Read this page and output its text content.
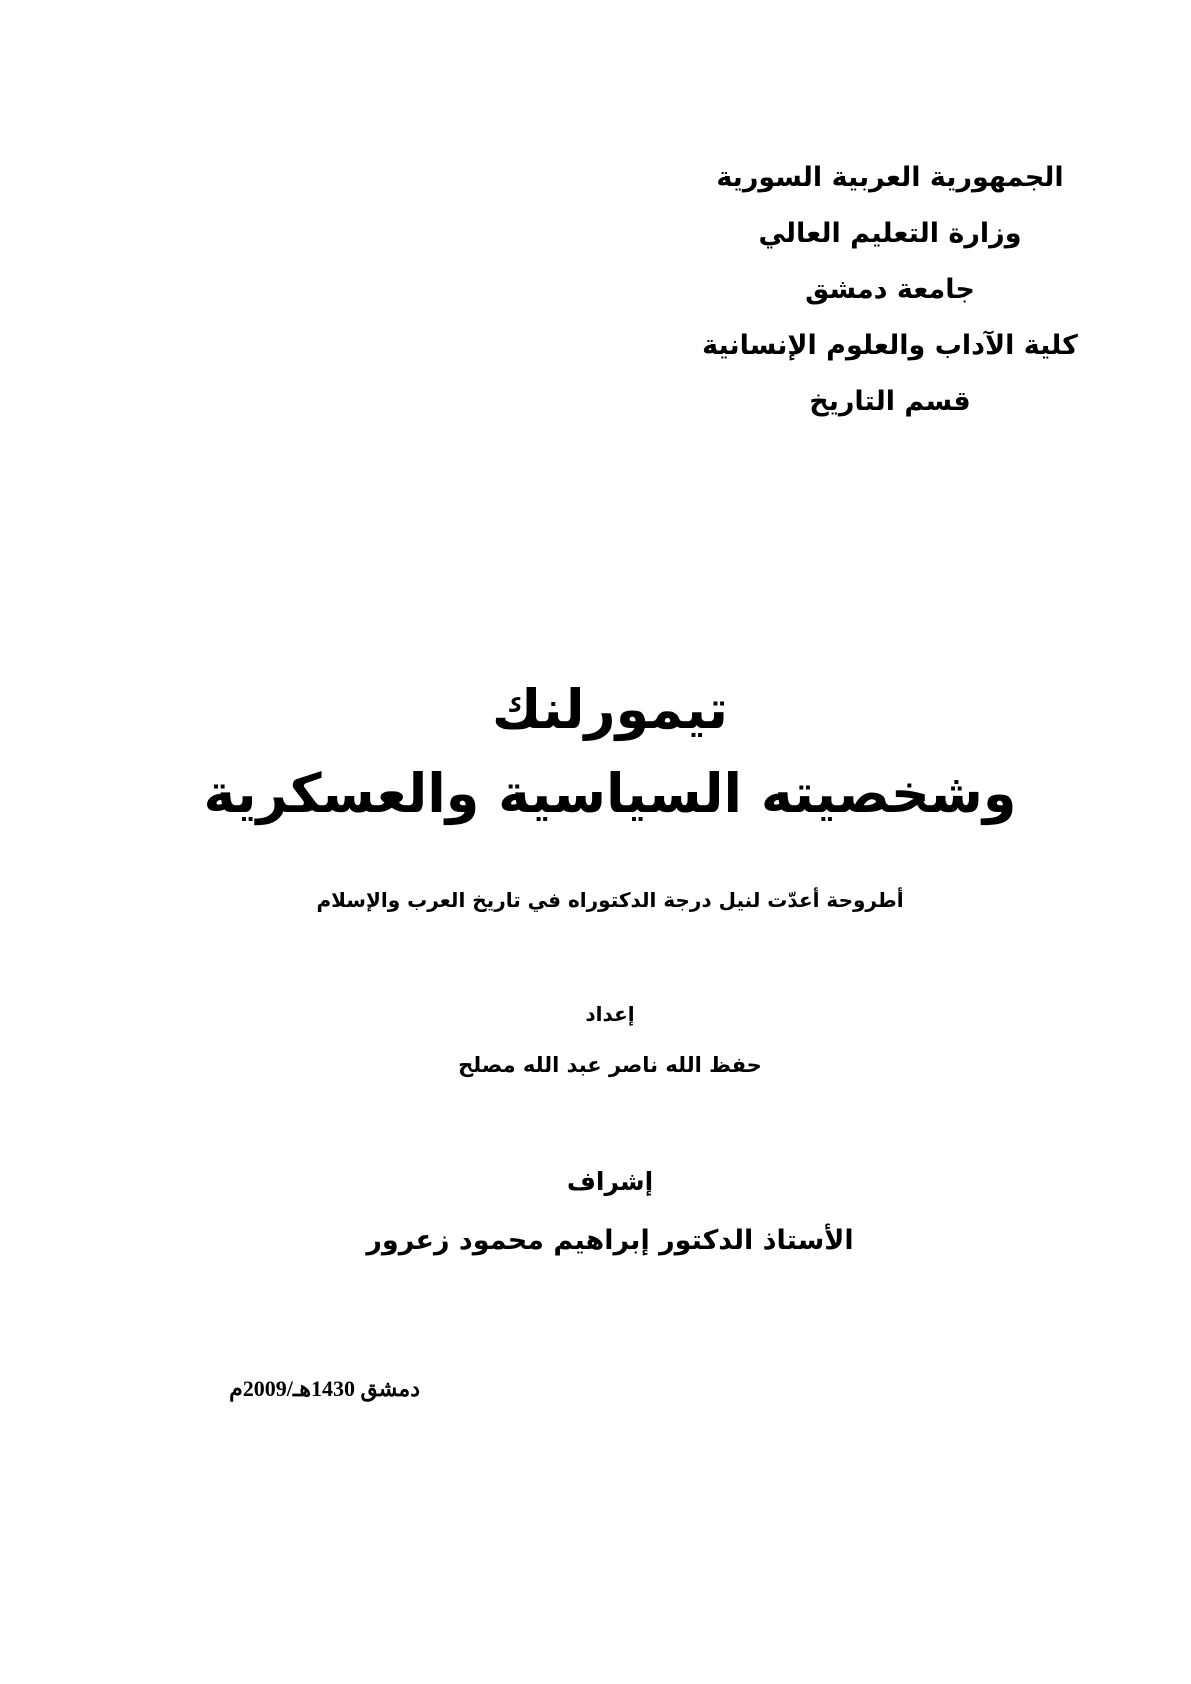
الجمهورية العربية السورية
وزارة التعليم العالي
جامعة دمشق
كلية الآداب والعلوم الإنسانية
قسم التاريخ
تيمورلنك
وشخصيته السياسية والعسكرية
أطروحة أعدّت لنيل درجة الدكتوراه في تاريخ العرب والإسلام
إعداد
حفظ الله ناصر عبد الله مصلح
إشراف
الأستاذ الدكتور إبراهيم محمود زعرور
دمشق 1430هـ/2009م
